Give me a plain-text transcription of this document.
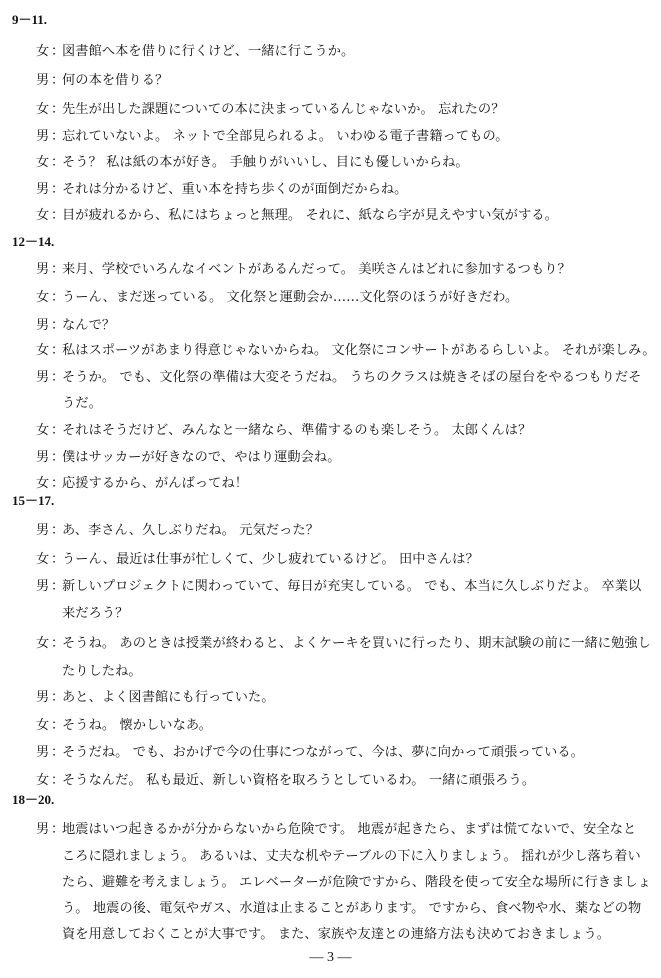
9－11.
女 ：
図書館へ本を借りに行くけど、一緒に行こうか。
男 ：
何の本を借りる？
女 ：
先生が出した課題についての本に決まっているんじゃないか。 忘れたの？
男 ：
忘れていないよ。 ネットで全部見られるよ。 いわゆる電子書籍ってもの。
女 ：
そう？ 私は紙の本が好き。 手触りがいいし、目にも優しいからね。
男 ：
それは分かるけど、重い本を持ち歩くのが面倒だからね。
女 ：
目が疲れるから、私にはちょっと無理。 それに、紙なら字が見えやすい気がする。
12－14.
男 ：
来月、学校でいろんなイベントがあるんだって。 美咲さんはどれに参加するつもり？
女 ：
うーん、まだ迷っている。 文化祭と運動会か……文化祭のほうが好きだわ。
男 ：
なんで？
女 ：
私はスポーツがあまり得意じゃないからね。 文化祭にコンサートがあるらしいよ。 それが楽しみ。
男 ：
そうか。 でも、文化祭の準備は大変そうだね。 うちのクラスは焼きそばの屋台をやるつもりだそ
うだ。
女 ：
それはそうだけど、みんなと一緒なら、準備するのも楽しそう。 太郎くんは？
男 ：
僕はサッカーが好きなので、やはり運動会ね。
女 ：
応援するから、がんばってね！
15－17.
男 ：
あ、李さん、久しぶりだね。 元気だった？
女 ：
うーん、最近は仕事が忙しくて、少し疲れているけど。 田中さんは？
男 ：
新しいプロジェクトに関わっていて、毎日が充実している。 でも、本当に久しぶりだよ。 卒業以
来だろう？
女 ：
そうね。 あのときは授業が終わると、よくケーキを買いに行ったり、期末試験の前に一緒に勉強し
たりしたね。
男 ：
あと、よく図書館にも行っていた。
女 ：
そうね。 懐かしいなあ。
男 ：
そうだね。 でも、おかげで今の仕事につながって、今は、夢に向かって頑張っている。
女 ：
そうなんだ。 私も最近、新しい資格を取ろうとしているわ。 一緒に頑張ろう。
18－20.
男 ：
地震はいつ起きるかが分からないから危険です。 地震が起きたら、まずは慌てないで、安全なと
ころに隠れましょう。 あるいは、丈夫な机やテーブルの下に入りましょう。 揺れが少し落ち着い
たら、避難を考えましょう。 エレベーターが危険ですから、階段を使って安全な場所に行きましょ
う。 地震の後、電気やガス、水道は止まることがあります。 ですから、食べ物や水、薬などの物
資を用意しておくことが大事です。 また、家族や友達との連絡方法も決めておきましょう。
— 3 —
